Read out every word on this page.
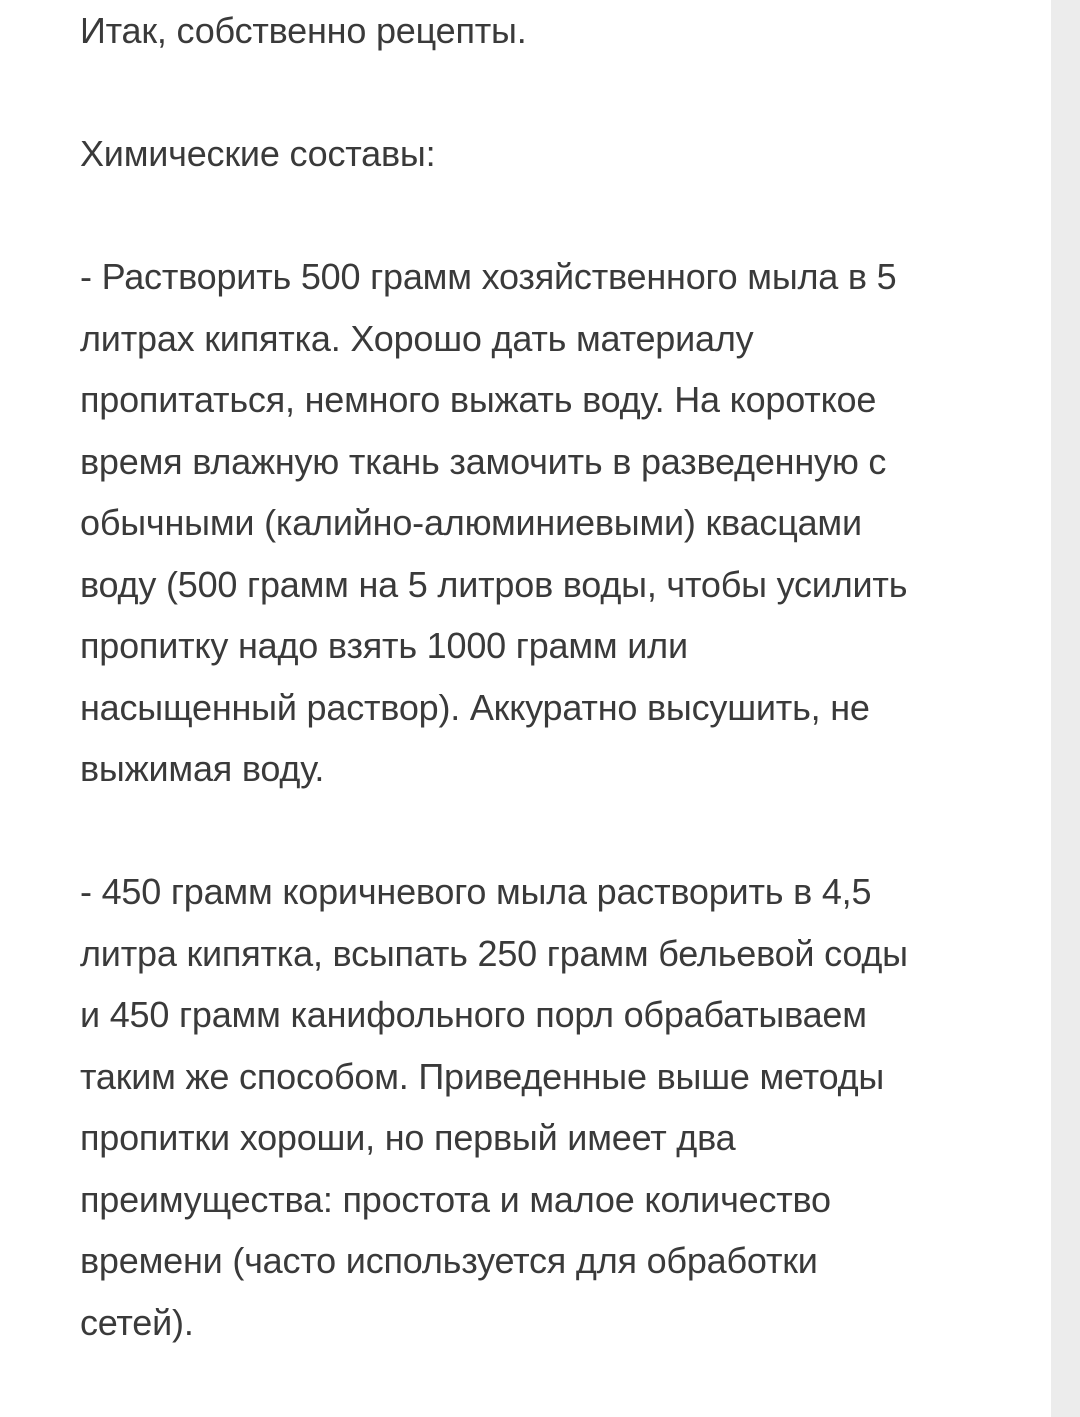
Итак, собственно рецепты.

Химические составы:

- Растворить 500 грамм хозяйственного мыла в 5
литрах кипятка. Хорошо дать материалу
пропитаться, немного выжать воду. На короткое
время влажную ткань замочить в разведенную с
обычными (калийно-алюминиевыми) квасцами
воду (500 грамм на 5 литров воды, чтобы усилить
пропитку надо взять 1000 грамм или
насыщенный раствор). Аккуратно высушить, не
выжимая воду.

- 450 грамм коричневого мыла растворить в 4,5
литра кипятка, всыпать 250 грамм бельевой соды
и 450 грамм канифольного порл обрабатываем
таким же способом. Приведенные выше методы
пропитки хороши, но первый имеет два
преимущества: простота и малое количество
времени (часто используется для обработки
сетей).
